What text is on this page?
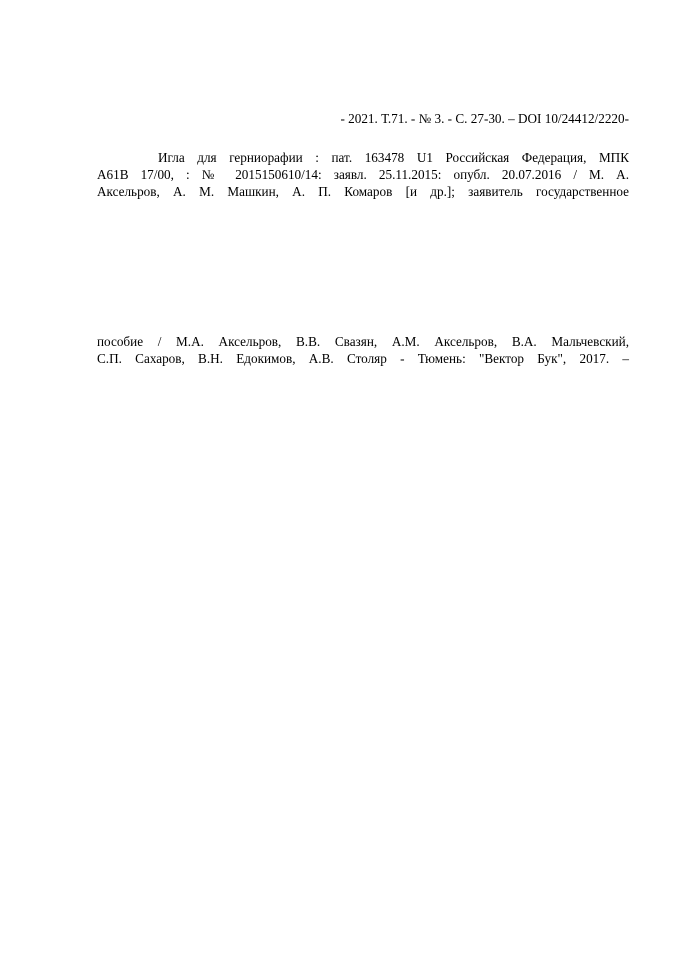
- 2021. Т.71. - № 3. - С. 27-30. – DOI 10/24412/2220-
Игла для герниорафии : пат. 163478 U1 Российская Федерация, МПК
A61B 17/00, : № 2015150610/14: заявл. 25.11.2015: опубл. 20.07.2016 / М. А.
Аксельров, А. М. Машкин, А. П. Комаров [и др.]; заявитель государственное
пособие / М.А. Аксельров, В.В. Свазян, А.М. Аксельров, В.А. Мальчевский,
С.П. Сахаров, В.Н. Едокимов, А.В. Столяр - Тюмень: "Вектор Бук", 2017. –
